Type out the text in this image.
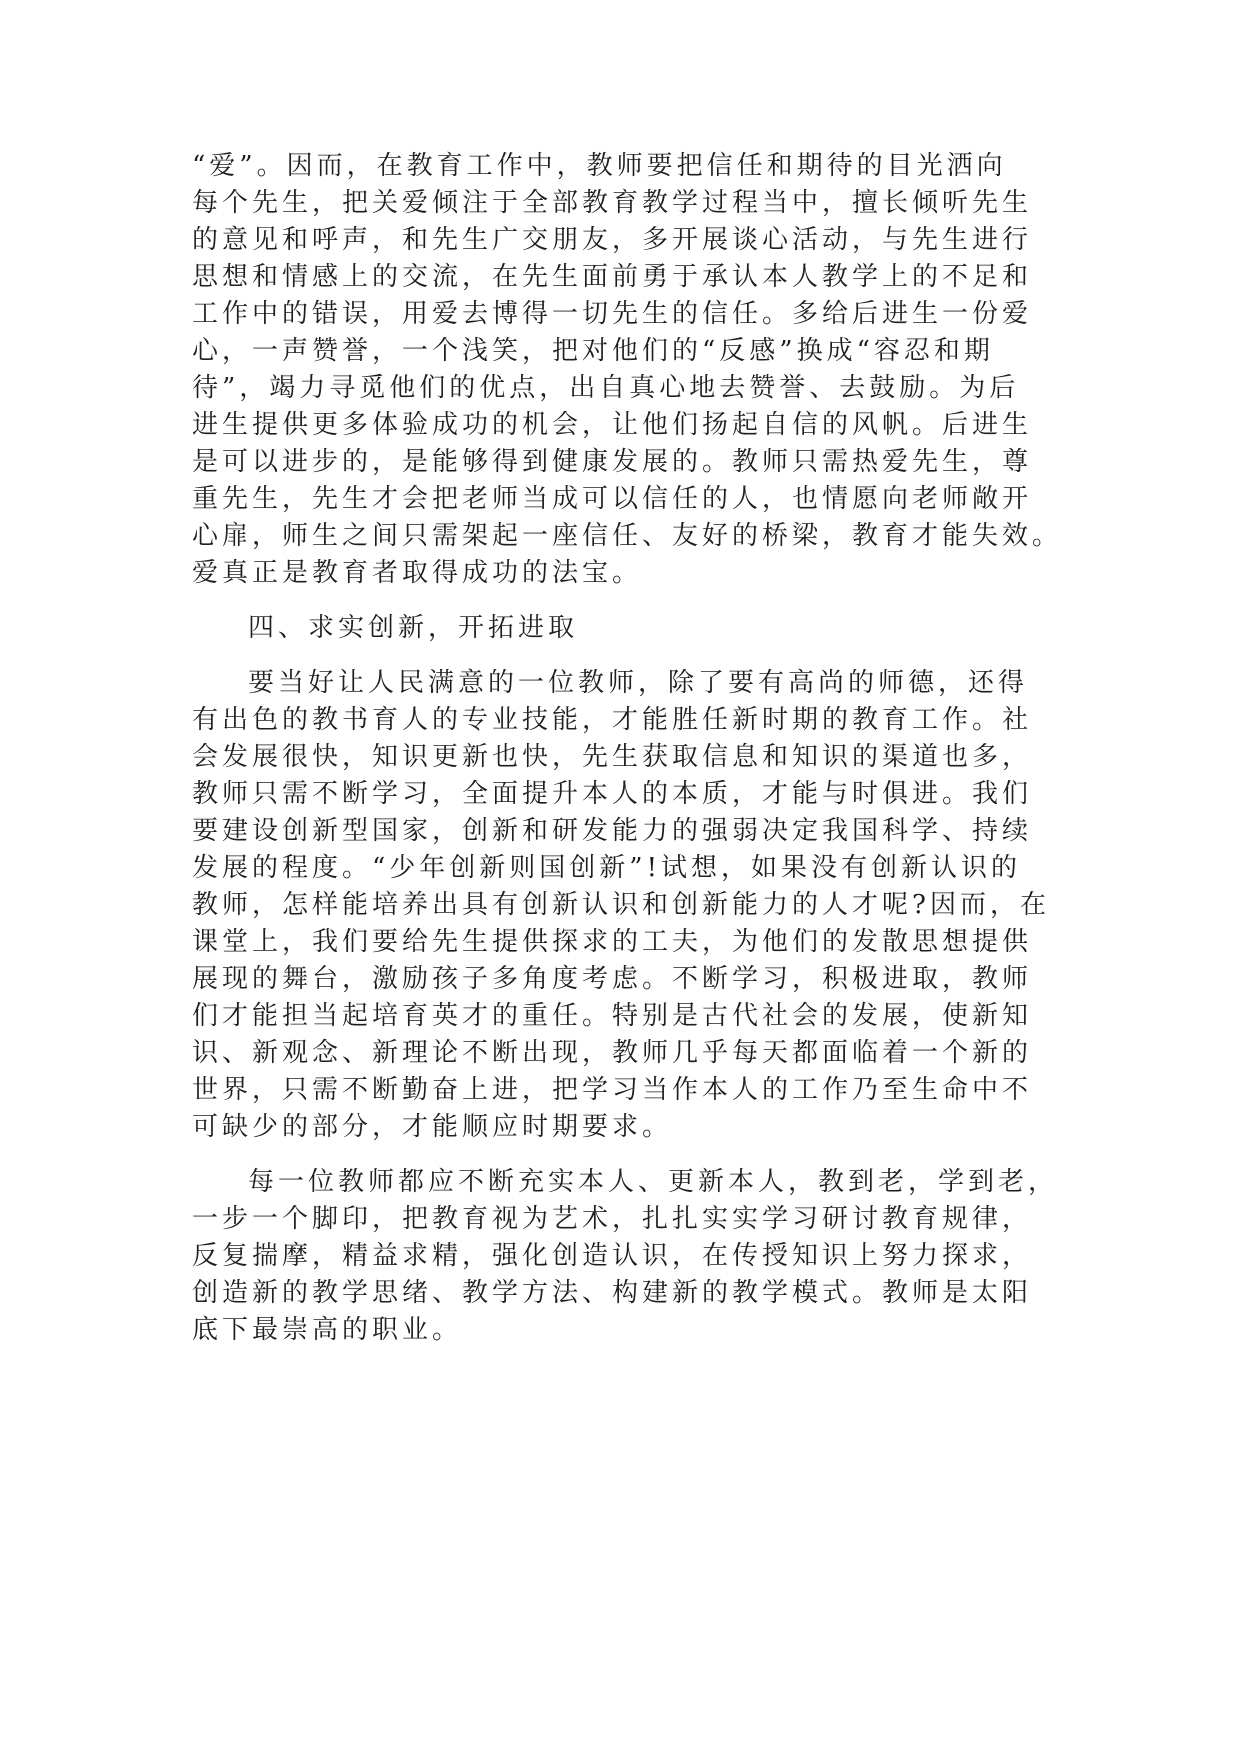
“爱”。因而，在教育工作中，教师要把信任和期待的目光洒向
每个先生，把关爱倾注于全部教育教学过程当中，擅长倾听先生
的意见和呼声，和先生广交朋友，多开展谈心活动，与先生进行
思想和情感上的交流，在先生面前勇于承认本人教学上的不足和
工作中的错误，用爱去博得一切先生的信任。多给后进生一份爱
心，一声赞誉，一个浅笑，把对他们的“反感”换成“容忍和期
待”，竭力寻觅他们的优点，出自真心地去赞誉、去鼓励。为后
进生提供更多体验成功的机会，让他们扬起自信的风帆。后进生
是可以进步的，是能够得到健康发展的。教师只需热爱先生，尊
重先生，先生才会把老师当成可以信任的人，也情愿向老师敞开
心扉，师生之间只需架起一座信任、友好的桥梁，教育才能失效。
爱真正是教育者取得成功的法宝。
四、求实创新，开拓进取
要当好让人民满意的一位教师，除了要有高尚的师德，还得
有出色的教书育人的专业技能，才能胜任新时期的教育工作。社
会发展很快，知识更新也快，先生获取信息和知识的渠道也多，
教师只需不断学习，全面提升本人的本质，才能与时俱进。我们
要建设创新型国家，创新和研发能力的强弱决定我国科学、持续
发展的程度。“少年创新则国创新”!试想，如果没有创新认识的
教师，怎样能培养出具有创新认识和创新能力的人才呢?因而，在
课堂上，我们要给先生提供探求的工夫，为他们的发散思想提供
展现的舞台，激励孩子多角度考虑。不断学习，积极进取，教师
们才能担当起培育英才的重任。特别是古代社会的发展，使新知
识、新观念、新理论不断出现，教师几乎每天都面临着一个新的
世界，只需不断勤奋上进，把学习当作本人的工作乃至生命中不
可缺少的部分，才能顺应时期要求。
每一位教师都应不断充实本人、更新本人，教到老，学到老，
一步一个脚印，把教育视为艺术，扎扎实实学习研讨教育规律，
反复揣摩，精益求精，强化创造认识，在传授知识上努力探求，
创造新的教学思绪、教学方法、构建新的教学模式。教师是太阳
底下最崇高的职业。
